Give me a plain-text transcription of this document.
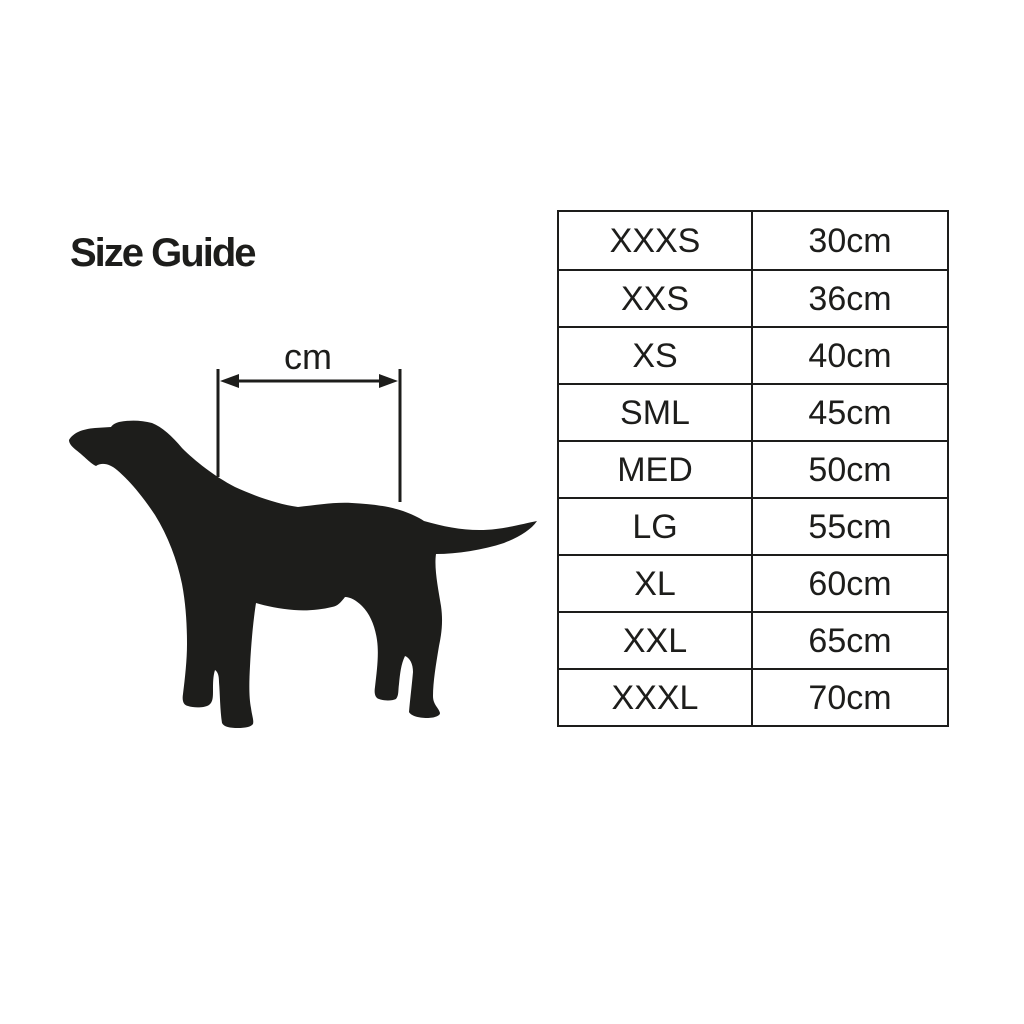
Size Guide
cm
XXXS	30cm
XXS	36cm
XS	40cm
SML	45cm
MED	50cm
LG	55cm
XL	60cm
XXL	65cm
XXXL	70cm
